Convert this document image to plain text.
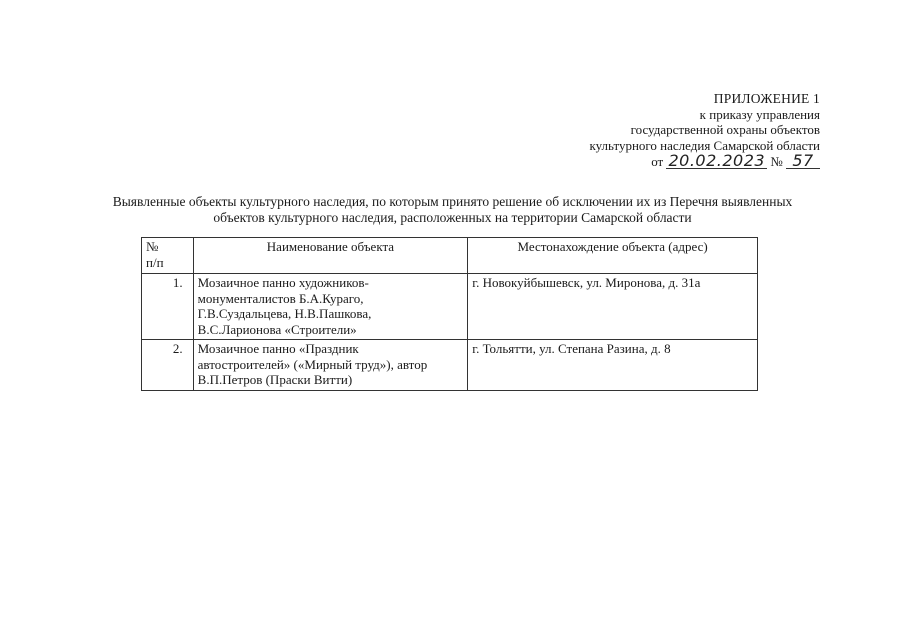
ПРИЛОЖЕНИЕ 1
к приказу управления
государственной охраны объектов
культурного наследия Самарской области
от 20.02.2023 № 57
Выявленные объекты культурного наследия, по которым принято решение об исключении их из Перечня выявленных
объектов культурного наследия, расположенных на территории Самарской области
№
п/п	Наименование объекта	Местонахождение объекта (адрес)
1.	Мозаичное панно художников-
монументалистов Б.А.Кураго,
Г.В.Суздальцева, Н.В.Пашкова,
В.С.Ларионова «Строители»	г. Новокуйбышевск, ул. Миронова, д. 31а
2.	Мозаичное панно «Праздник
автостроителей» («Мирный труд»), автор
В.П.Петров (Праски Витти)	г. Тольятти, ул. Степана Разина, д. 8
